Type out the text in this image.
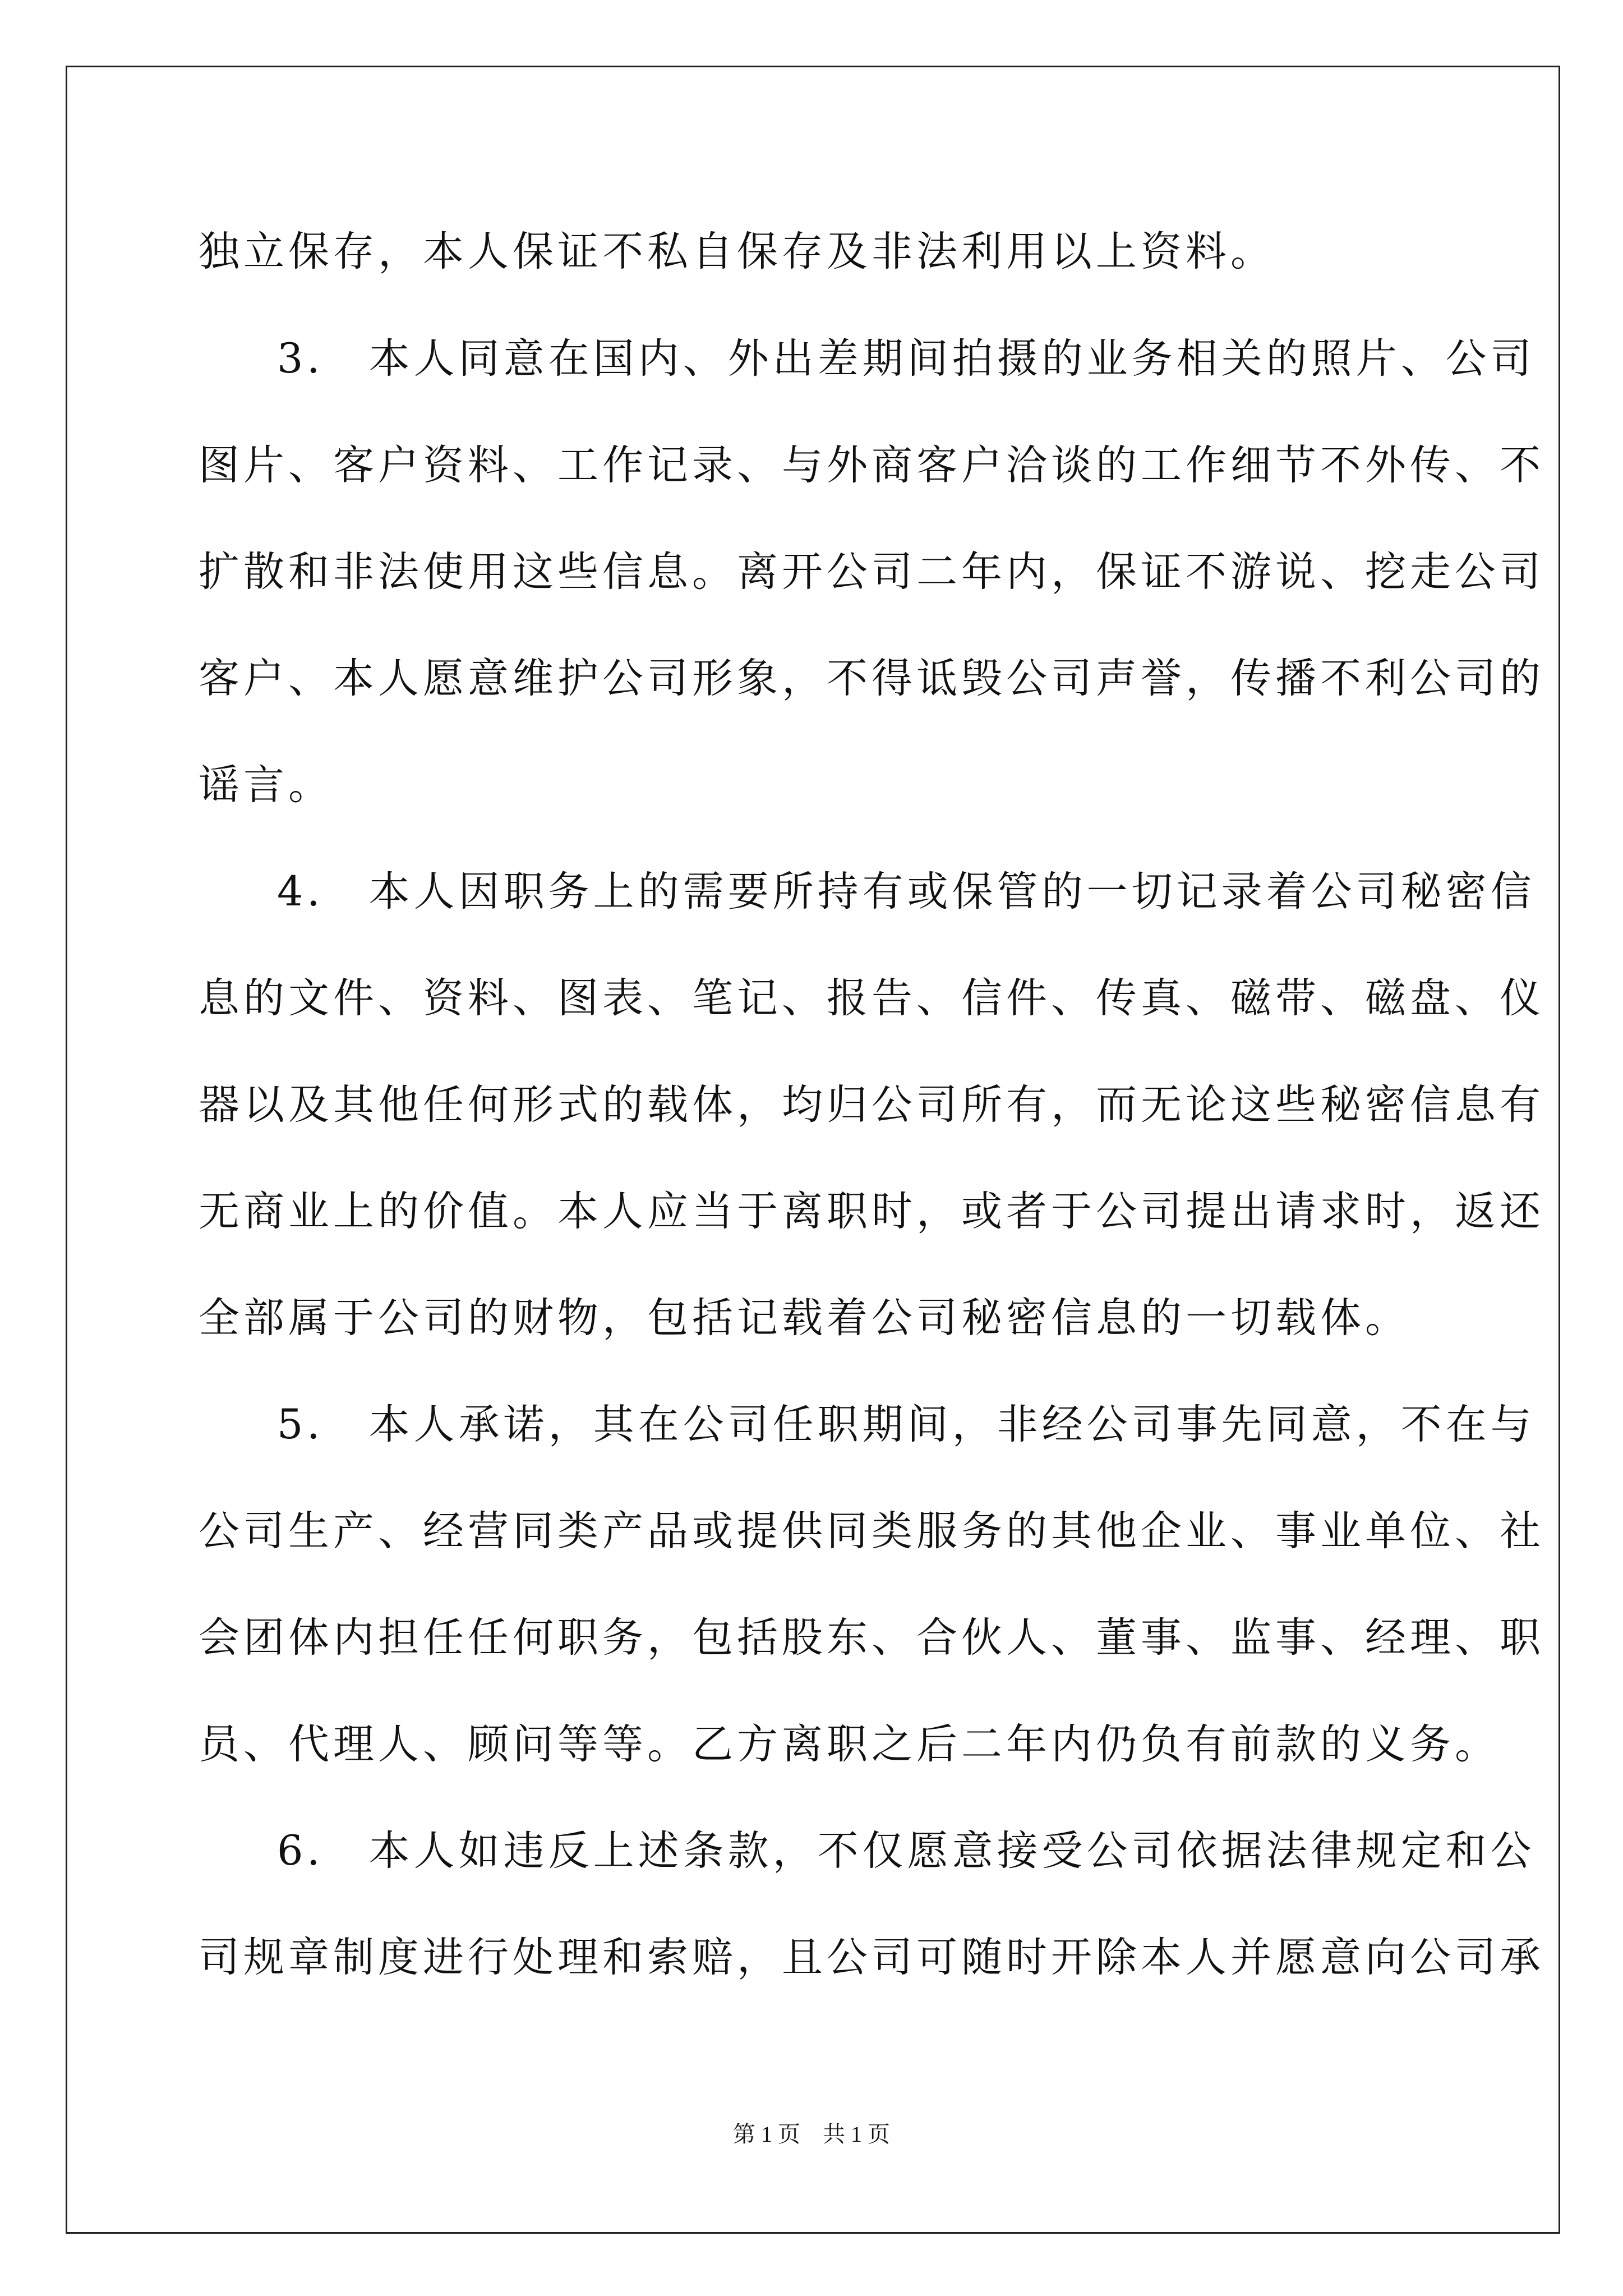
独立保存，本人保证不私自保存及非法利用以上资料。
3． 本人同意在国内、外出差期间拍摄的业务相关的照片、公司
图片、客户资料、工作记录、与外商客户洽谈的工作细节不外传、不
扩散和非法使用这些信息。离开公司二年内，保证不游说、挖走公司
客户、本人愿意维护公司形象，不得诋毁公司声誉，传播不利公司的
谣言。
4． 本人因职务上的需要所持有或保管的一切记录着公司秘密信
息的文件、资料、图表、笔记、报告、信件、传真、磁带、磁盘、仪
器以及其他任何形式的载体，均归公司所有，而无论这些秘密信息有
无商业上的价值。本人应当于离职时，或者于公司提出请求时，返还
全部属于公司的财物，包括记载着公司秘密信息的一切载体。
5． 本人承诺，其在公司任职期间，非经公司事先同意，不在与
公司生产、经营同类产品或提供同类服务的其他企业、事业单位、社
会团体内担任任何职务，包括股东、合伙人、董事、监事、经理、职
员、代理人、顾问等等。乙方离职之后二年内仍负有前款的义务。
6． 本人如违反上述条款，不仅愿意接受公司依据法律规定和公
司规章制度进行处理和索赔，且公司可随时开除本人并愿意向公司承
第 1 页　共 1 页
